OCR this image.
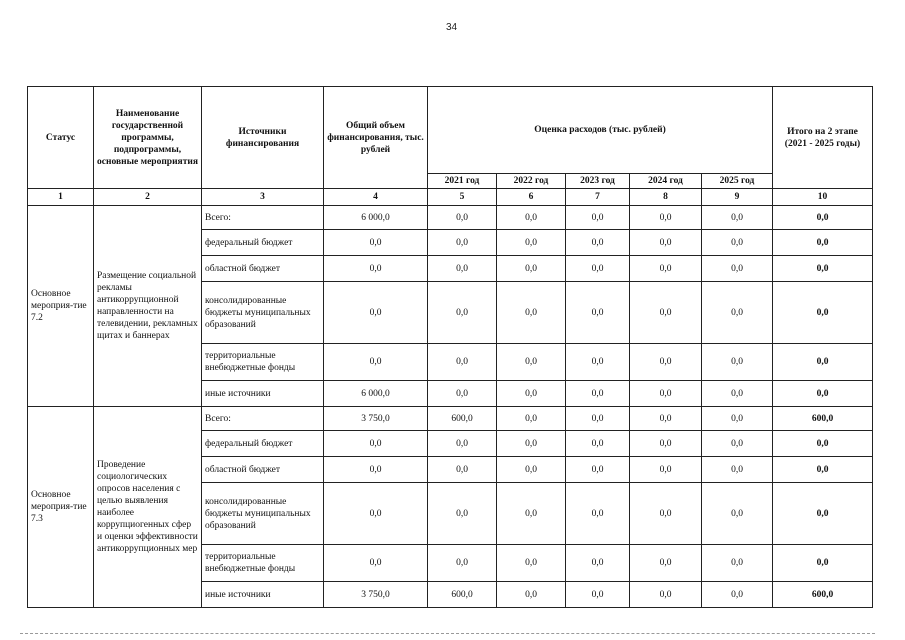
34
Статус	Наименование государственной программы, подпрограммы, основные мероприятия	Источники финансирования	Общий объем финансирования, тыс. рублей	Оценка расходов (тыс. рублей)					Итого на 2 этапе (2021 - 2025 годы)
				2021 год	2022 год	2023 год	2024 год	2025 год	
1	2	3	4	5	6	7	8	9	10
Основное мероприя-тие 7.2	Размещение социальной рекламы антикоррупционной направленности на телевидении, рекламных щитах и баннерах	Всего:	6 000,0	0,0	0,0	0,0	0,0	0,0	0,0
		федеральный бюджет	0,0	0,0	0,0	0,0	0,0	0,0	0,0
		областной бюджет	0,0	0,0	0,0	0,0	0,0	0,0	0,0
		консолидированные бюджеты муниципальных образований	0,0	0,0	0,0	0,0	0,0	0,0	0,0
		территориальные внебюджетные фонды	0,0	0,0	0,0	0,0	0,0	0,0	0,0
		иные источники	6 000,0	0,0	0,0	0,0	0,0	0,0	0,0
Основное мероприя-тие 7.3	Проведение социологических опросов населения с целью выявления наиболее коррупциогенных сфер и оценки эффективности антикоррупционных мер	Всего:	3 750,0	600,0	0,0	0,0	0,0	0,0	600,0
		федеральный бюджет	0,0	0,0	0,0	0,0	0,0	0,0	0,0
		областной бюджет	0,0	0,0	0,0	0,0	0,0	0,0	0,0
		консолидированные бюджеты муниципальных образований	0,0	0,0	0,0	0,0	0,0	0,0	0,0
		территориальные внебюджетные фонды	0,0	0,0	0,0	0,0	0,0	0,0	0,0
		иные источники	3 750,0	600,0	0,0	0,0	0,0	0,0	600,0
